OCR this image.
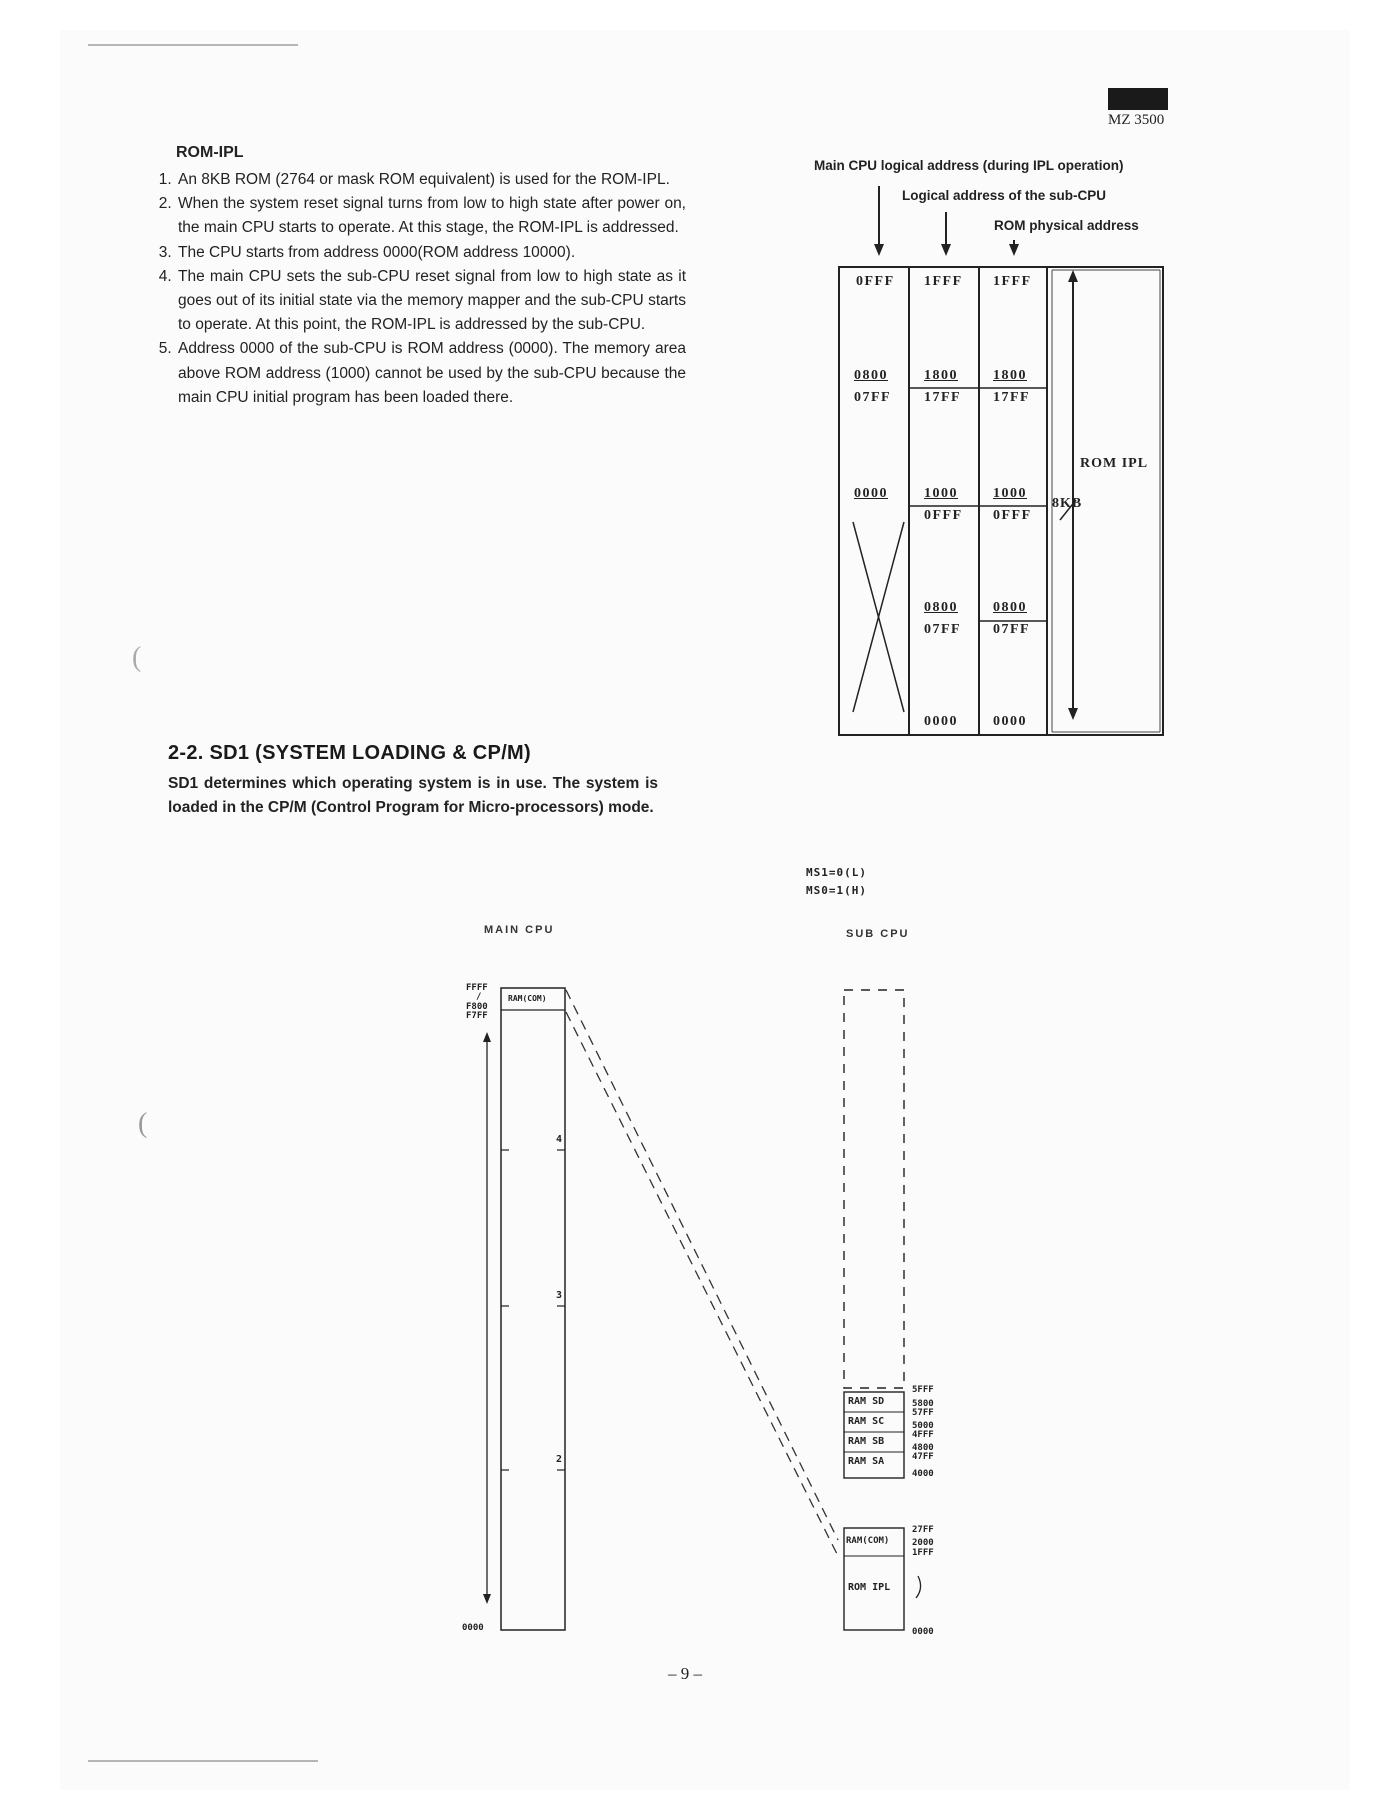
MZ 3500
ROM-IPL
1. An 8KB ROM (2764 or mask ROM equivalent) is used for the ROM-IPL.
2. When the system reset signal turns from low to high state after power on, the main CPU starts to operate. At this stage, the ROM-IPL is addressed.
3. The CPU starts from address 0000(ROM address 10000).
4. The main CPU sets the sub-CPU reset signal from low to high state as it goes out of its initial state via the memory mapper and the sub-CPU starts to operate. At this point, the ROM-IPL is addressed by the sub-CPU.
5. Address 0000 of the sub-CPU is ROM address (0000). The memory area above ROM address (1000) cannot be used by the sub-CPU because the main CPU initial program has been loaded there.
Main CPU logical address (during IPL operation)
Logical address of the sub-CPU
ROM physical address
0FFF
0800
07FF
0000
1FFF
1800
17FF
1000
0FFF
0800
07FF
0000
1FFF
1800
17FF
1000
0FFF
0800
07FF
0000
ROM IPL
8KB
2-2. SD1 (SYSTEM LOADING & CP/M)

SD1 determines which operating system is in use. The system is loaded in the CP/M (Control Program for Micro-processors) mode.

MS1=0(L)
MS0=1(H)
MAIN CPU	SUB CPU
FFFF
/
F800
F7FF
0000
RAM(COM)
4
3
2
RAM SD
RAM SC
RAM SB
RAM SA
RAM(COM)
ROM IPL
5FFF
5800
57FF
5000
4FFF
4800
47FF
4000
27FF
2000
1FFF
0000
– 9 –
(
(
